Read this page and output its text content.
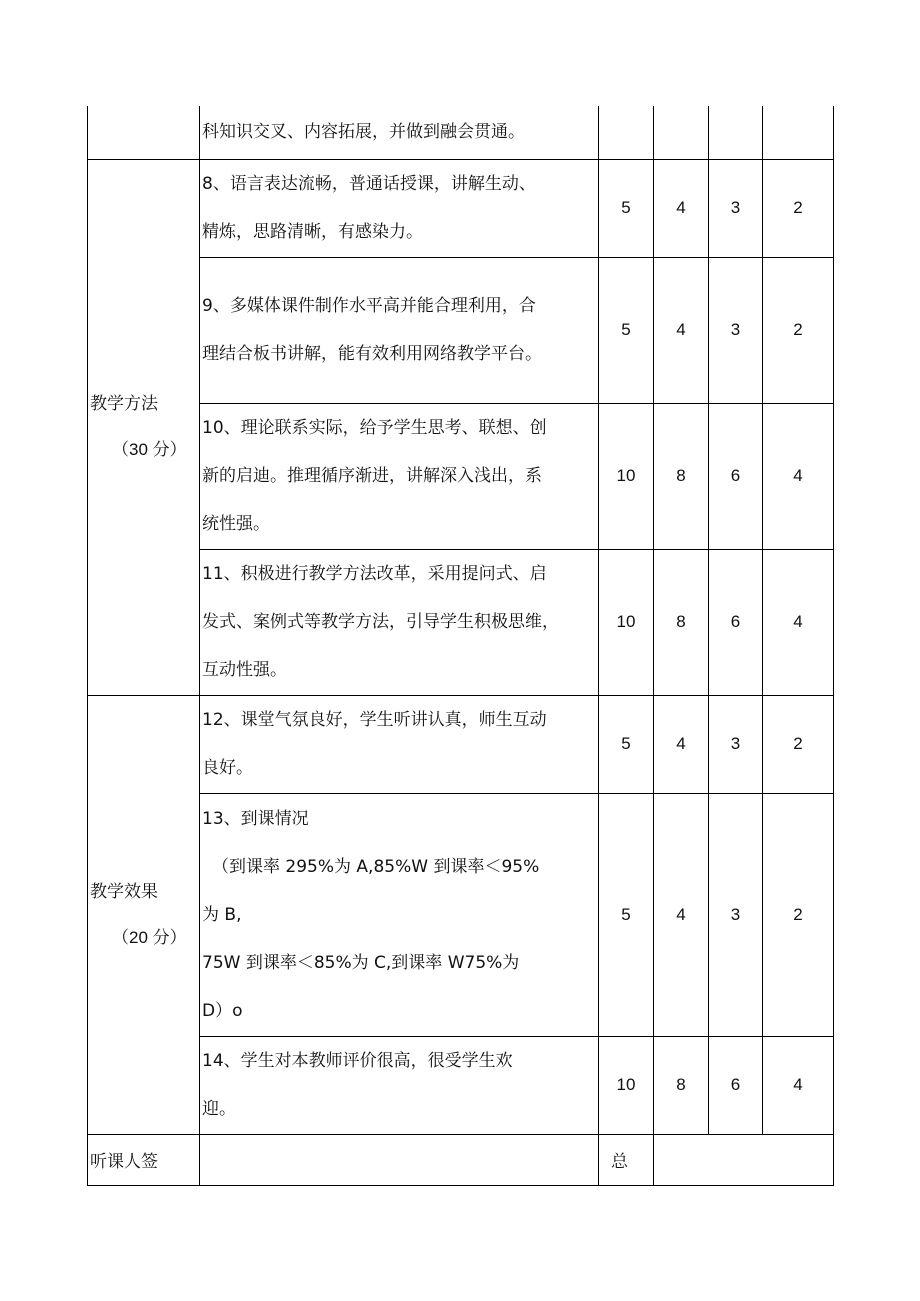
	科知识交叉、内容拓展，并做到融会贯通。				

教学方法
（30 分）	8、语言表达流畅，普通话授课，讲解生动、
精炼，思路清晰，有感染力。	5	4	3	2

	9、多媒体课件制作水平高并能合理利用，合
理结合板书讲解，能有效利用网络教学平台。	5	4	3	2

	10、理论联系实际，给予学生思考、联想、创
新的启迪。推理循序渐进，讲解深入浅出，系
统性强。	10	8	6	4

	11、积极进行教学方法改革，采用提问式、启
发式、案例式等教学方法，引导学生积极思维，
互动性强。	10	8	6	4

教学效果
（20 分）	12、课堂气氛良好，学生听讲认真，师生互动
良好。	5	4	3	2

	13、到课情况
（到课率 295%为 A,85%W 到课率＜95%
为 B,
75W 到课率＜85%为 C,到课率 W75%为
D）o	5	4	3	2

	14、学生对本教师评价很高，很受学生欢
迎。	10	8	6	4
听课人签		总			
